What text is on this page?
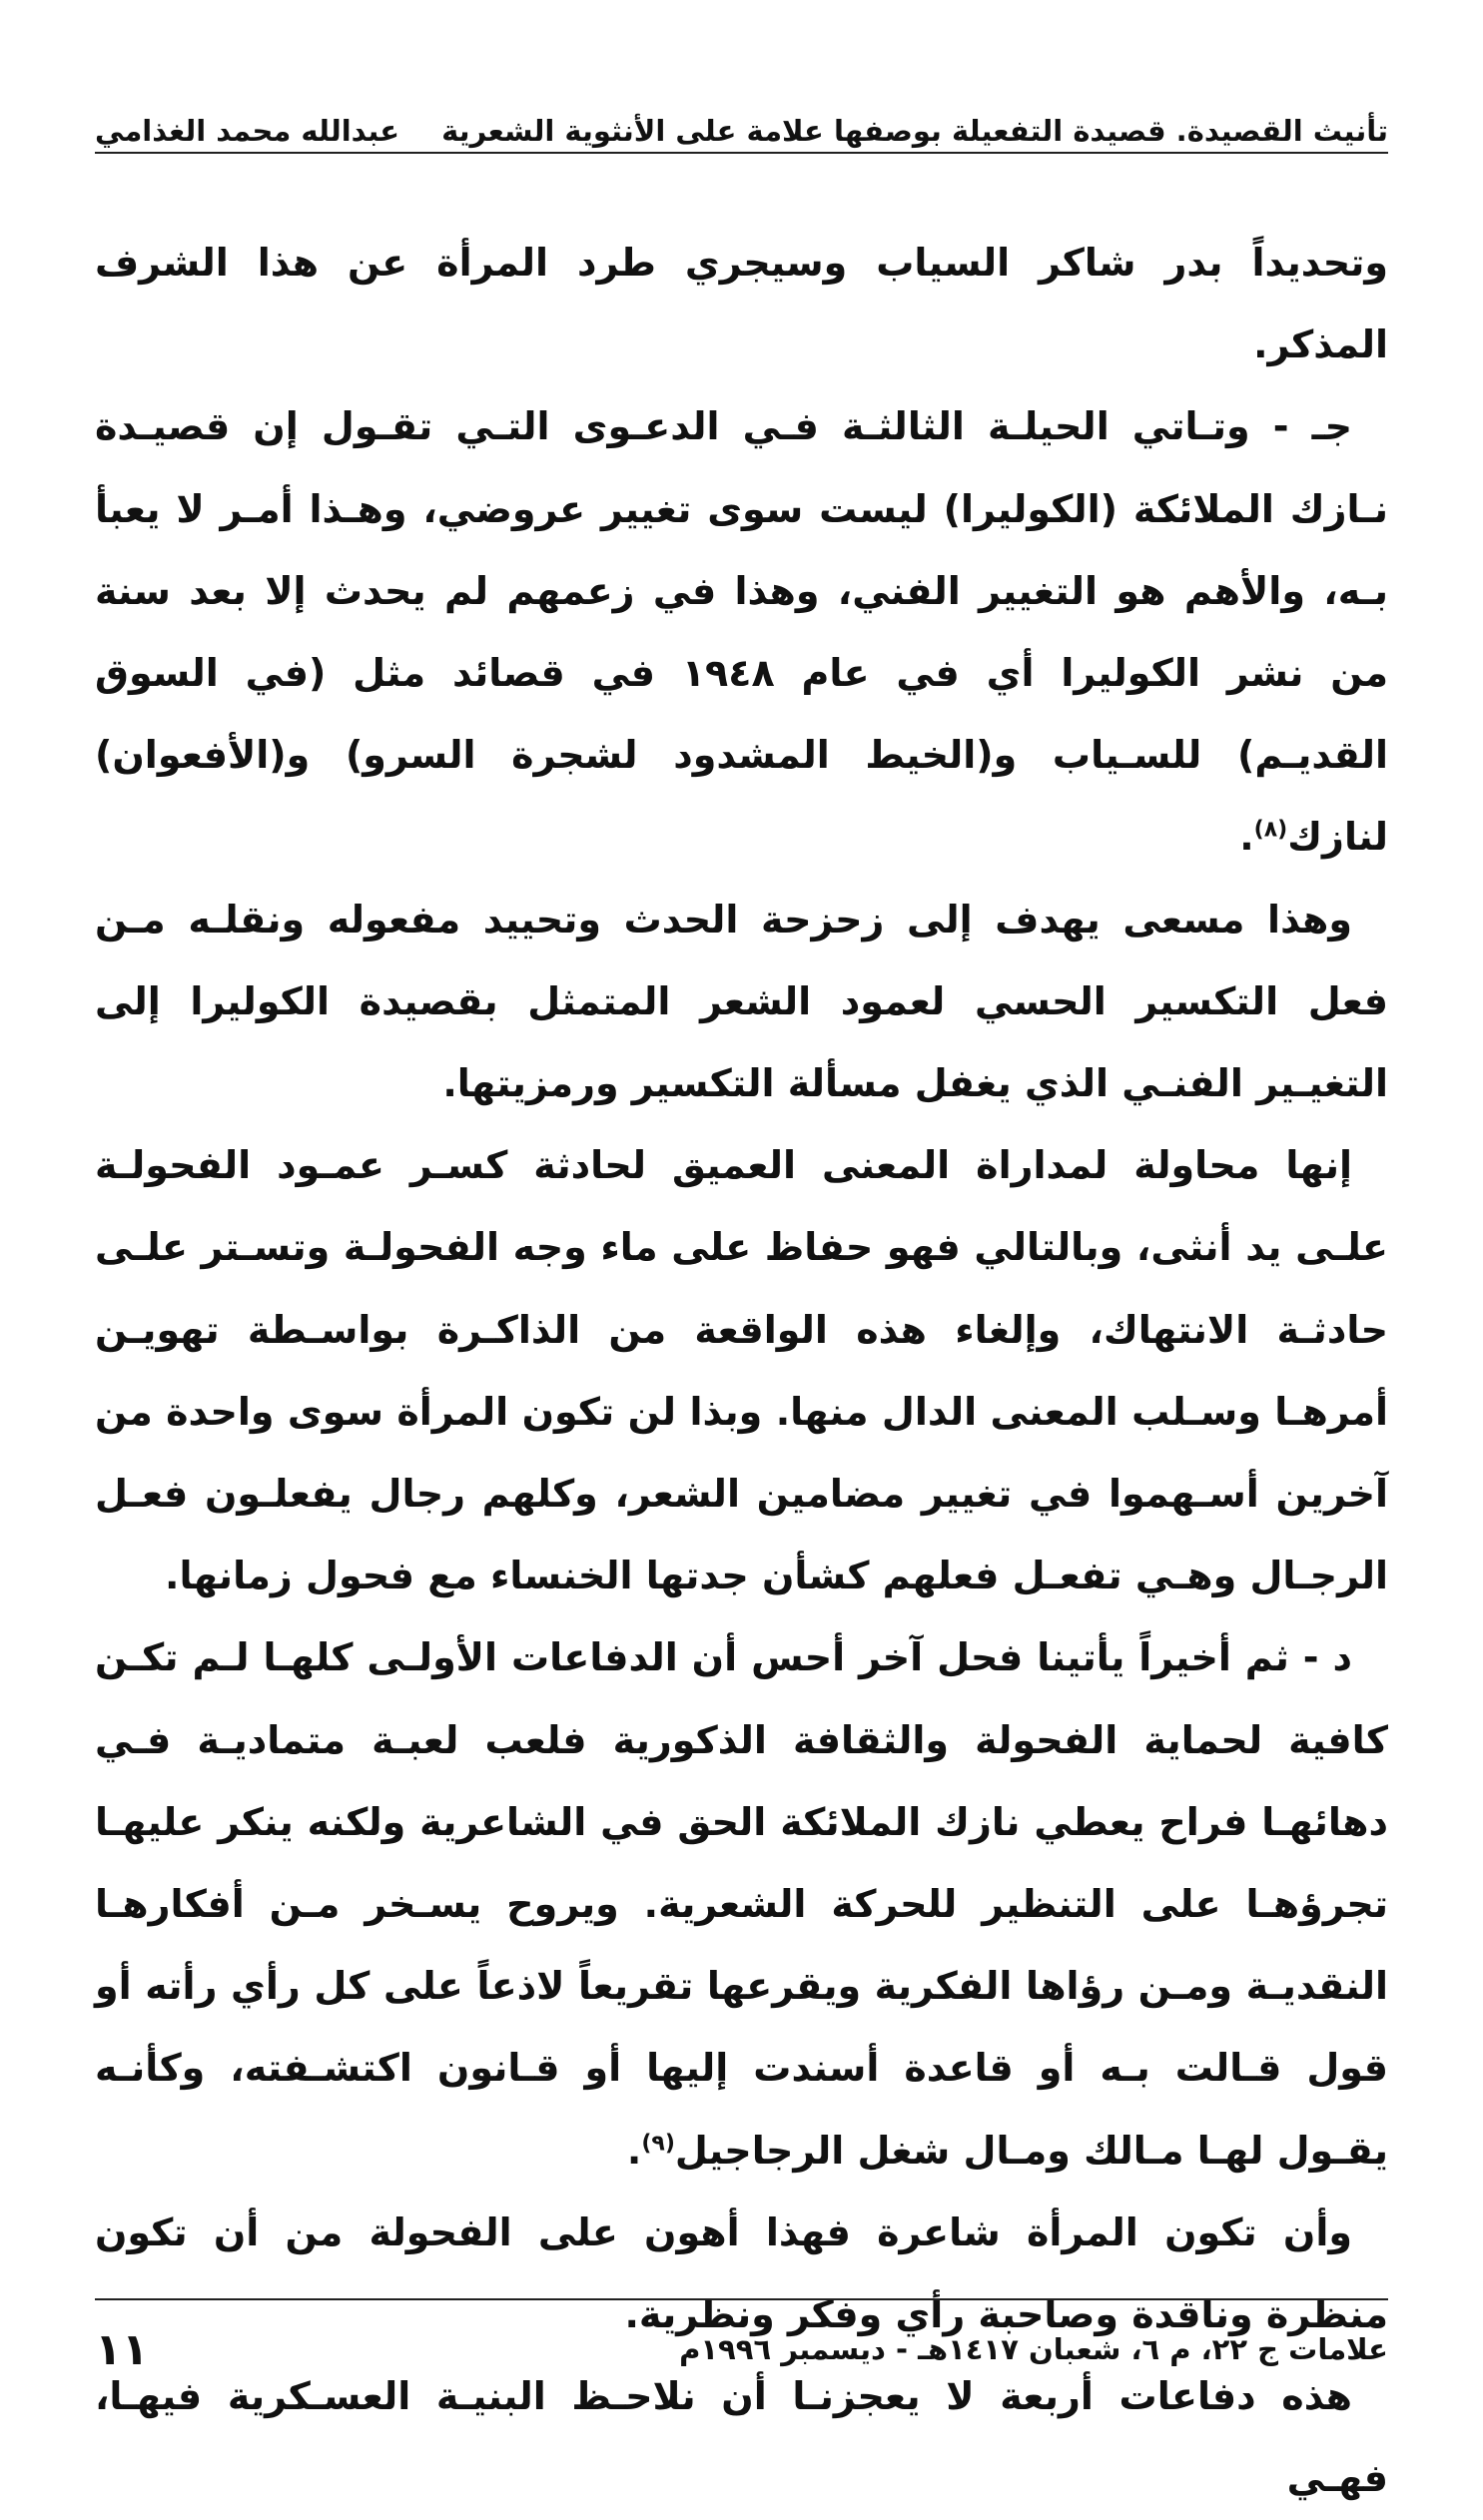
تأنيث القصيدة. قصيدة التفعيلة بوصفها علامة على الأنثوية الشعرية
عبدالله محمد الغذامي

وتحديداً بدر شاكر السياب وسيجري طرد المرأة عن هذا الشرف المذكر.

جـ - وتـاتي الحيلـة الثالثـة فـي الدعـوى التـي تقـول إن قصيـدة نـازك الملائكة (الكوليرا) ليست سوى تغيير عروضي، وهـذا أمـر لا يعبأ بـه، والأهم هو التغيير الفني، وهذا في زعمهم لم يحدث إلا بعد سنة من نشر الكوليرا أي في عام ١٩٤٨ في قصائد مثل (في السوق القديـم) للسـياب و(الخيط المشدود لشجرة السرو) و(الأفعوان) لنازك$^{(٨)}$.

وهذا مسعى يهدف إلى زحزحة الحدث وتحييد مفعوله ونقلـه مـن فعل التكسير الحسي لعمود الشعر المتمثل بقصيدة الكوليرا إلى التغيـير الفنـي الذي يغفل مسألة التكسير ورمزيتها.

إنها محاولة لمداراة المعنى العميق لحادثة كسـر عمـود الفحولـة علـى يد أنثى، وبالتالي فهو حفاظ على ماء وجه الفحولـة وتسـتر علـى حادثـة الانتهاك، وإلغاء هذه الواقعة من الذاكـرة بواسـطة تهويـن أمرهـا وسـلب المعنى الدال منها. وبذا لن تكون المرأة سوى واحدة من آخرين أسـهموا في تغيير مضامين الشعر، وكلهم رجال يفعلـون فعـل الرجـال وهـي تفعـل فعلهم كشأن جدتها الخنساء مع فحول زمانها.

د - ثم أخيراً يأتينا فحل آخر أحس أن الدفاعات الأولـى كلهـا لـم تكـن كافية لحماية الفحولة والثقافة الذكورية فلعب لعبـة متماديـة فـي دهائهـا فراح يعطي نازك الملائكة الحق في الشاعرية ولكنه ينكر عليهـا تجرؤهـا على التنظير للحركة الشعرية. ويروح يسـخر مـن أفكارهـا النقديـة ومـن رؤاها الفكرية ويقرعها تقريعاً لاذعاً على كل رأي رأته أو قول قـالت بـه أو قاعدة أسندت إليها أو قـانون اكتشـفته، وكأنـه يقـول لهـا مـالك ومـال شغل الرجاجيل$^{(٩)}$.

وأن تكون المرأة شاعرة فهذا أهون على الفحولة من أن تكون منظرة وناقدة وصاحبة رأي وفكر ونظرية.

هذه دفاعات أربعة لا يعجزنـا أن نلاحـظ البنيـة العسـكرية فيهـا، فهـي

علامات ج ٢٢، م ٦، شعبان ١٤١٧هـ - ديسمبر ١٩٩٦م
١١
